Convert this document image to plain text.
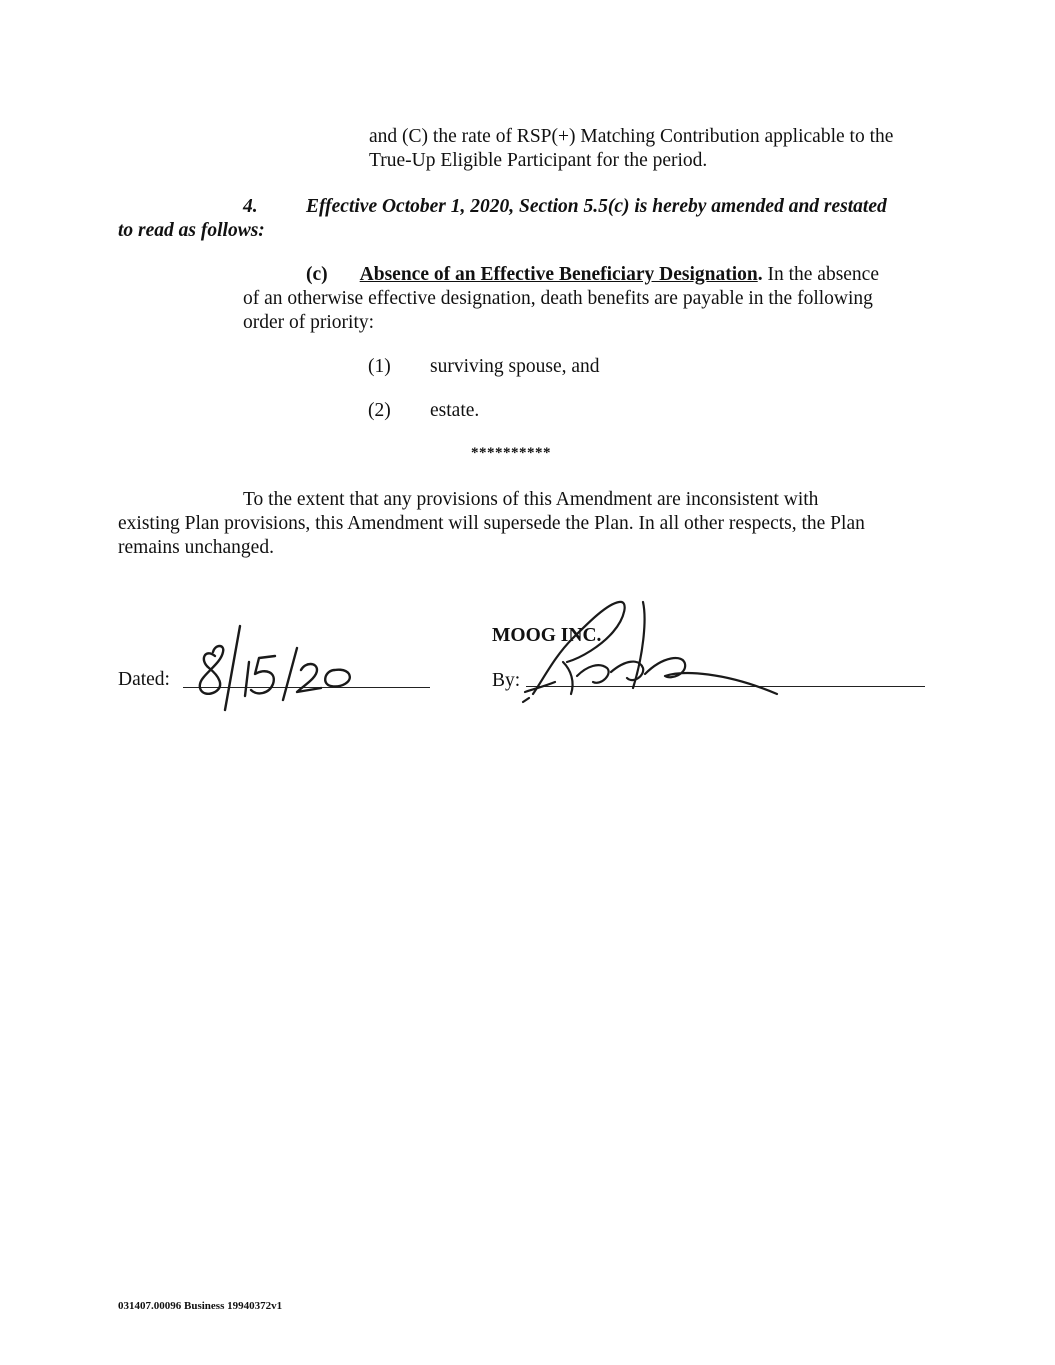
and (C) the rate of RSP(+) Matching Contribution applicable to the
True-Up Eligible Participant for the period.
4. Effective October 1, 2020, Section 5.5(c) is hereby amended and restated
to read as follows:
(c) Absence of an Effective Beneficiary Designation. In the absence
of an otherwise effective designation, death benefits are payable in the following
order of priority:
(1) surviving spouse, and
(2) estate.
**********
To the extent that any provisions of this Amendment are inconsistent with
existing Plan provisions, this Amendment will supersede the Plan. In all other respects, the Plan
remains unchanged.
Dated:
MOOG INC.
By:
031407.00096 Business 19940372v1
